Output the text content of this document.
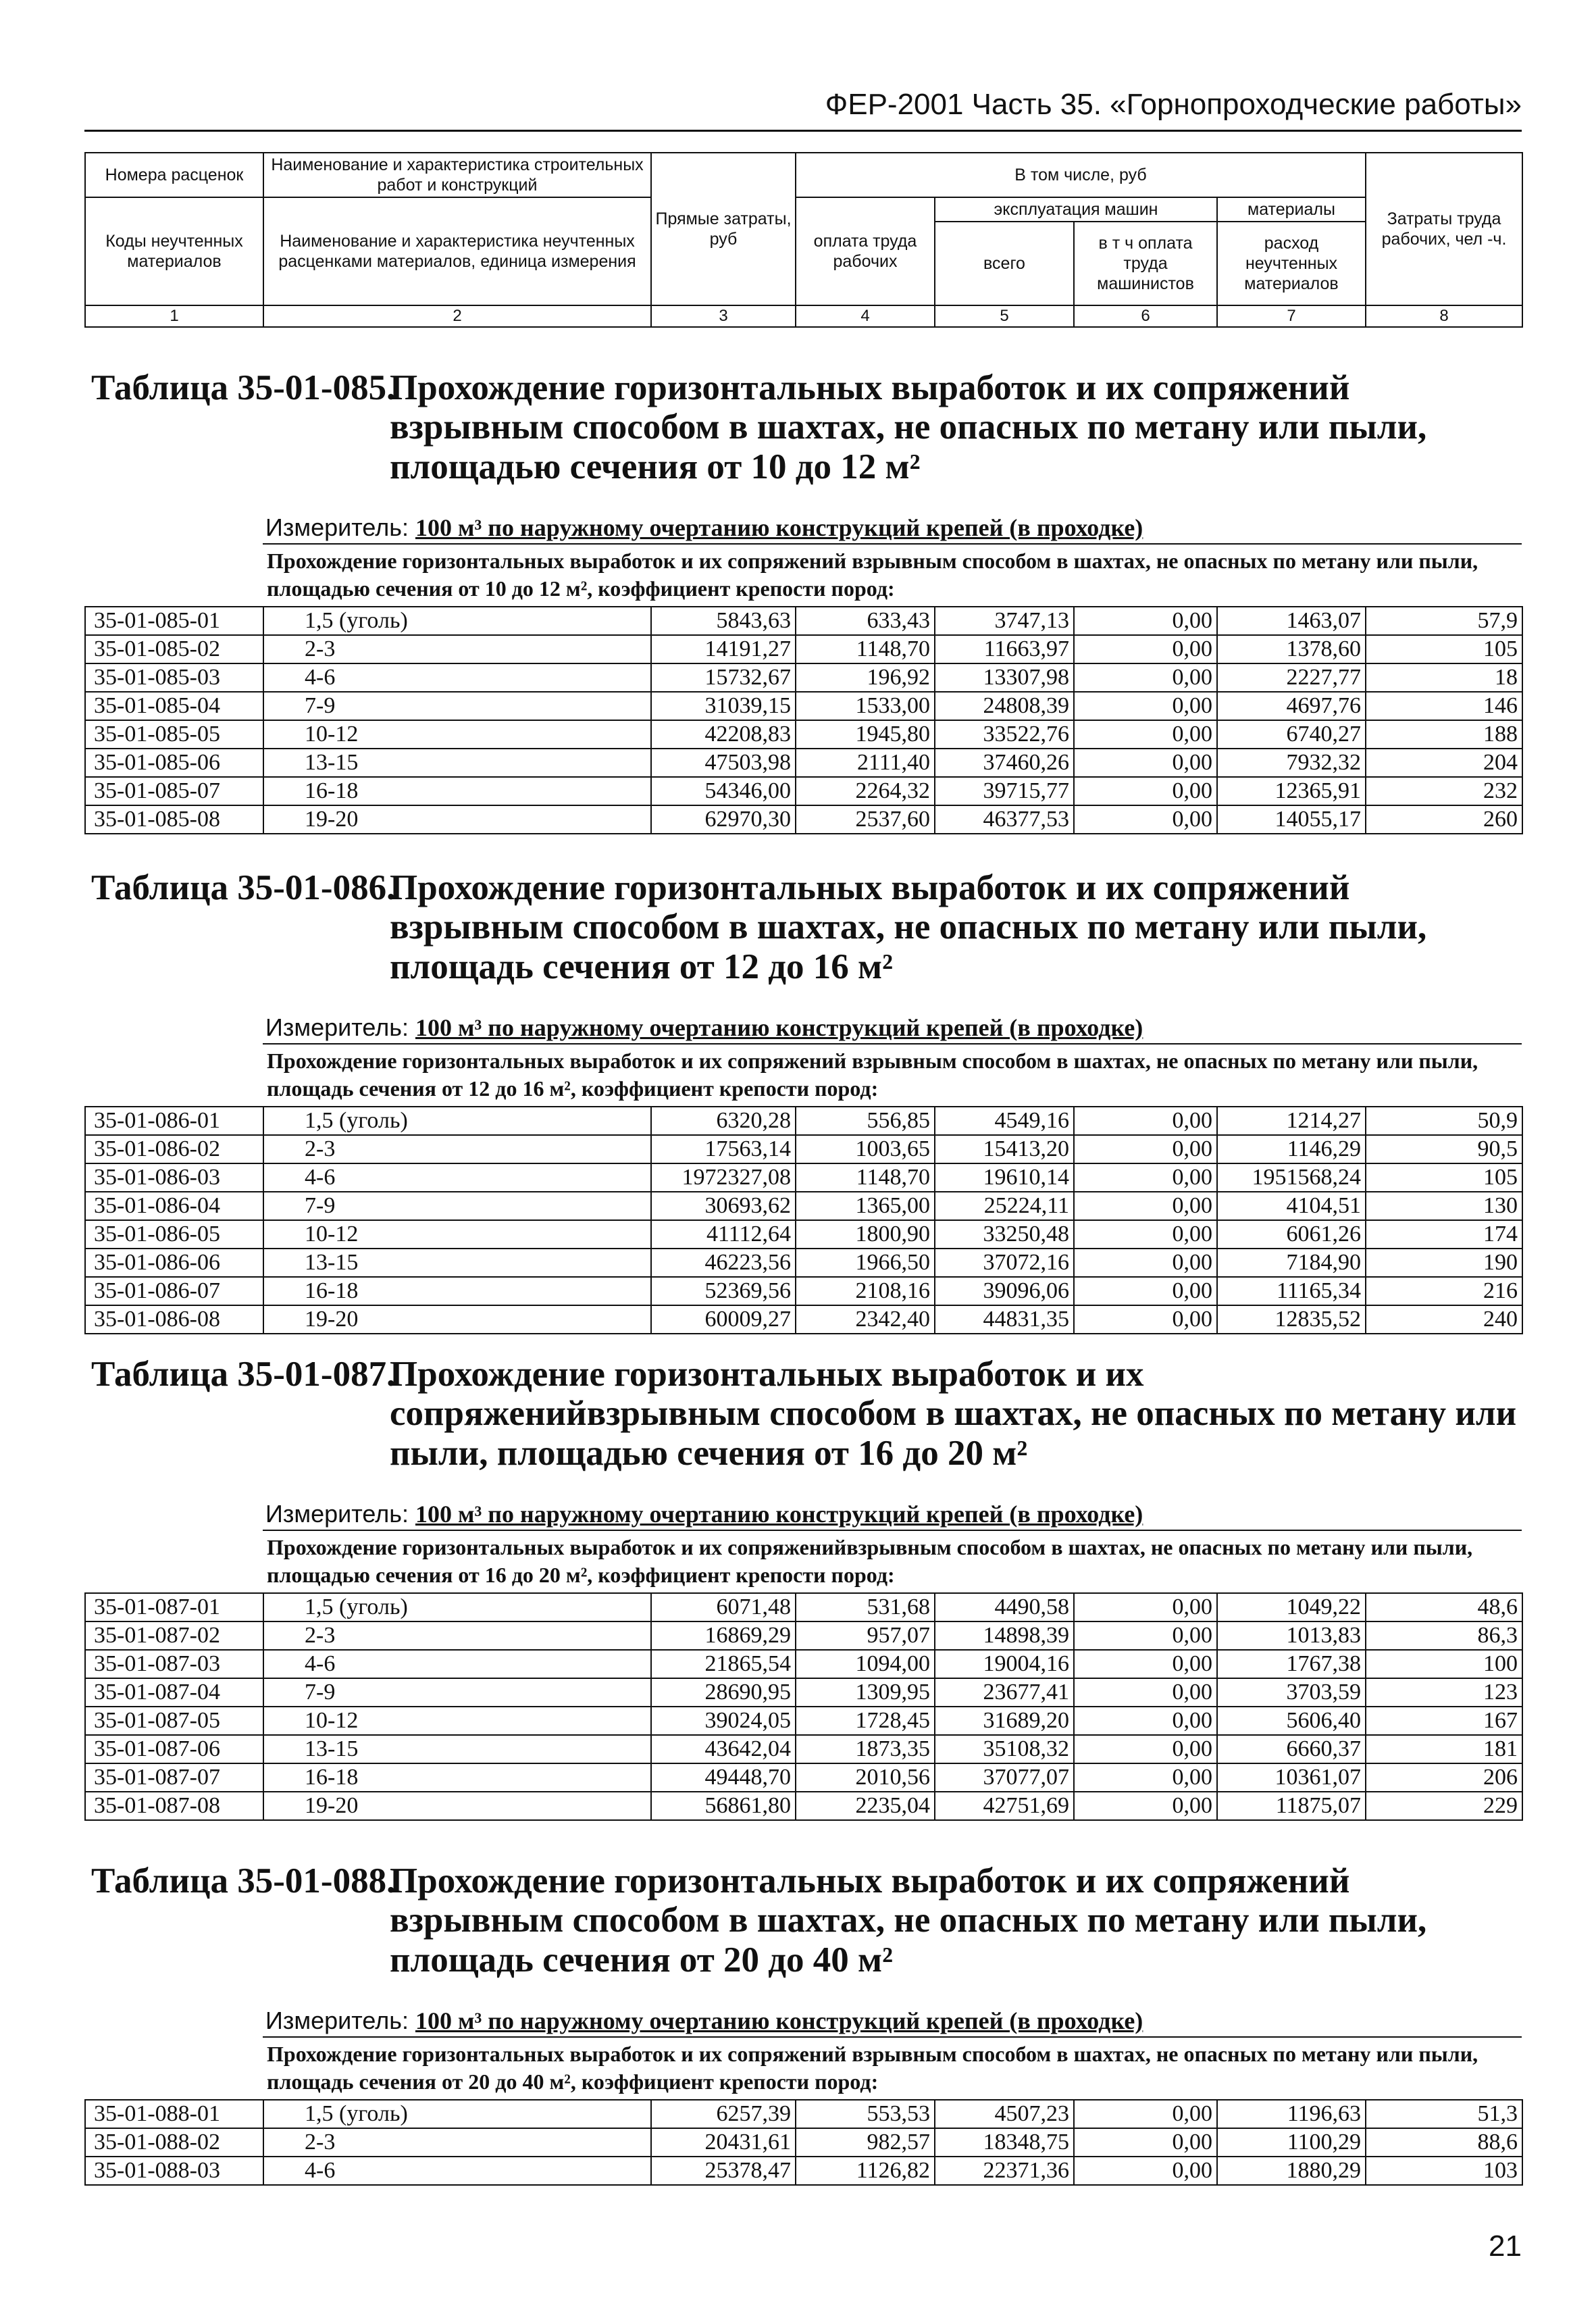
ФЕР-2001 Часть 35. «Горнопроходческие работы»
Номера расценок	Наименование и характеристика строительных работ и конструкций	Прямые затраты, руб	В том числе, руб				Затраты труда рабочих, чел -ч.
Коды неучтенных материалов	Наименование и характеристика неучтенных расценками материалов, единица измерения		оплата труда рабочих	эксплуатация машин		материалы	
				всего	в т ч оплата труда машинистов	расход неучтенных материалов	
1	2	3	4	5	6	7	8
Таблица 35-01-085.
Прохождение горизонтальных выработок и их сопряжений взрывным способом в шахтах, не опасных по метану или пыли, площадью сечения от 10 до 12 м²
Измеритель: 100 м³ по наружному очертанию конструкций крепей (в проходке)
Прохождение горизонтальных выработок и их сопряжений взрывным способом в шахтах, не опасных по метану или пыли, площадью сечения от 10 до 12 м², коэффициент крепости пород:
35-01-085-01	1,5 (уголь)	5843,63	633,43	3747,13	0,00	1463,07	57,9
35-01-085-02	2-3	14191,27	1148,70	11663,97	0,00	1378,60	105
35-01-085-03	4-6	15732,67	196,92	13307,98	0,00	2227,77	18
35-01-085-04	7-9	31039,15	1533,00	24808,39	0,00	4697,76	146
35-01-085-05	10-12	42208,83	1945,80	33522,76	0,00	6740,27	188
35-01-085-06	13-15	47503,98	2111,40	37460,26	0,00	7932,32	204
35-01-085-07	16-18	54346,00	2264,32	39715,77	0,00	12365,91	232
35-01-085-08	19-20	62970,30	2537,60	46377,53	0,00	14055,17	260
Таблица 35-01-086.
Прохождение горизонтальных выработок и их сопряжений взрывным способом в шахтах, не опасных по метану или пыли, площадь сечения от 12 до 16 м²
Измеритель: 100 м³ по наружному очертанию конструкций крепей (в проходке)
Прохождение горизонтальных выработок и их сопряжений взрывным способом в шахтах, не опасных по метану или пыли, площадь сечения от 12 до 16 м², коэффициент крепости пород:
35-01-086-01	1,5 (уголь)	6320,28	556,85	4549,16	0,00	1214,27	50,9
35-01-086-02	2-3	17563,14	1003,65	15413,20	0,00	1146,29	90,5
35-01-086-03	4-6	1972327,08	1148,70	19610,14	0,00	1951568,24	105
35-01-086-04	7-9	30693,62	1365,00	25224,11	0,00	4104,51	130
35-01-086-05	10-12	41112,64	1800,90	33250,48	0,00	6061,26	174
35-01-086-06	13-15	46223,56	1966,50	37072,16	0,00	7184,90	190
35-01-086-07	16-18	52369,56	2108,16	39096,06	0,00	11165,34	216
35-01-086-08	19-20	60009,27	2342,40	44831,35	0,00	12835,52	240
Таблица 35-01-087.
Прохождение горизонтальных выработок и их сопряженийвзрывным способом в шахтах, не опасных по метану или пыли, площадью сечения от 16 до 20 м²
Измеритель: 100 м³ по наружному очертанию конструкций крепей (в проходке)
Прохождение горизонтальных выработок и их сопряженийвзрывным способом в шахтах, не опасных по метану или пыли, площадью сечения от 16 до 20 м², коэффициент крепости пород:
35-01-087-01	1,5 (уголь)	6071,48	531,68	4490,58	0,00	1049,22	48,6
35-01-087-02	2-3	16869,29	957,07	14898,39	0,00	1013,83	86,3
35-01-087-03	4-6	21865,54	1094,00	19004,16	0,00	1767,38	100
35-01-087-04	7-9	28690,95	1309,95	23677,41	0,00	3703,59	123
35-01-087-05	10-12	39024,05	1728,45	31689,20	0,00	5606,40	167
35-01-087-06	13-15	43642,04	1873,35	35108,32	0,00	6660,37	181
35-01-087-07	16-18	49448,70	2010,56	37077,07	0,00	10361,07	206
35-01-087-08	19-20	56861,80	2235,04	42751,69	0,00	11875,07	229
Таблица 35-01-088.
Прохождение горизонтальных выработок и их сопряжений взрывным способом в шахтах, не опасных по метану или пыли, площадь сечения от 20 до 40 м²
Измеритель: 100 м³ по наружному очертанию конструкций крепей (в проходке)
Прохождение горизонтальных выработок и их сопряжений взрывным способом в шахтах, не опасных по метану или пыли, площадь сечения от 20 до 40 м², коэффициент крепости пород:
35-01-088-01	1,5 (уголь)	6257,39	553,53	4507,23	0,00	1196,63	51,3
35-01-088-02	2-3	20431,61	982,57	18348,75	0,00	1100,29	88,6
35-01-088-03	4-6	25378,47	1126,82	22371,36	0,00	1880,29	103
21
